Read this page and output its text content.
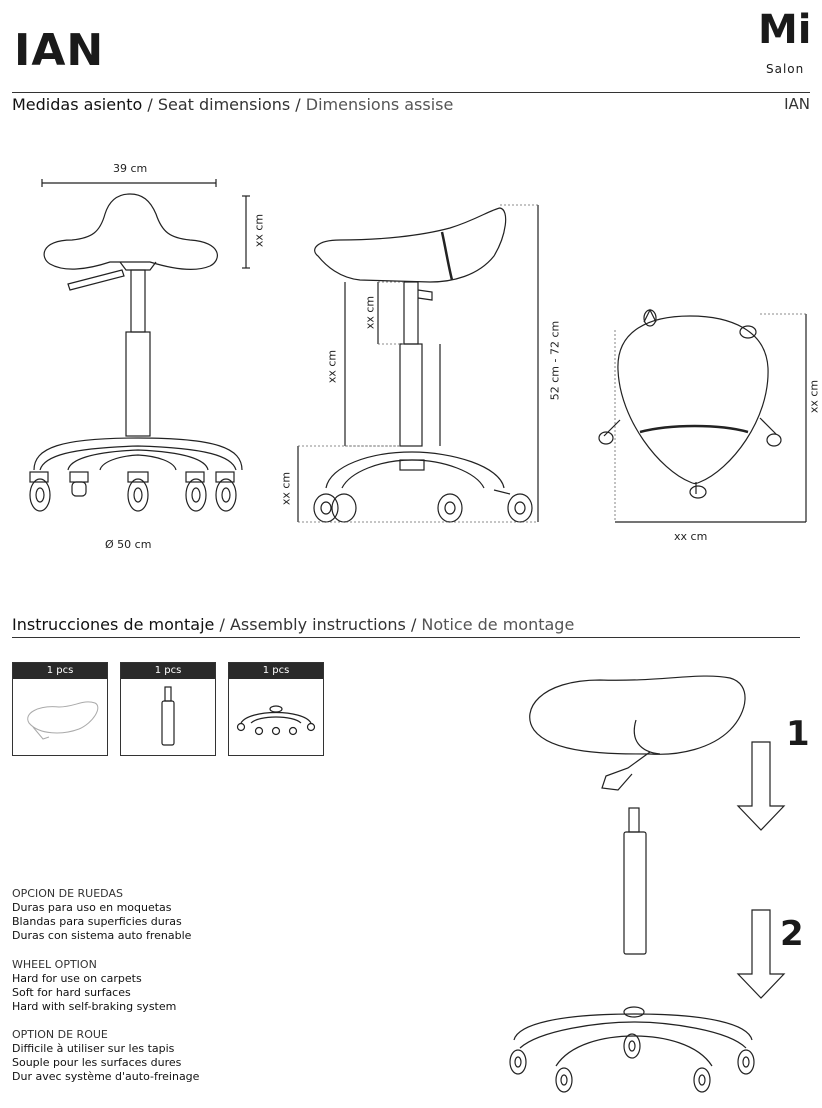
IAN	Mi
Salon
Medidas asiento / Seat dimensions / Dimensions assise	IAN
39 cm
xx cm
Ø 50 cm
xx cm
xx cm
xx cm
52 cm - 72 cm
xx cm
xx cm
Instrucciones de montaje / Assembly instructions / Notice de montage
1 pcs	1 pcs	1 pcs
1
2
OPCION DE RUEDAS
Duras para uso en moquetas
Blandas para superficies duras
Duras con sistema auto frenable
WHEEL OPTION
Hard for use on carpets
Soft for hard surfaces
Hard with self-braking system
OPTION DE ROUE
Difficile à utiliser sur les tapis
Souple pour les surfaces dures
Dur avec système d'auto-freinage
